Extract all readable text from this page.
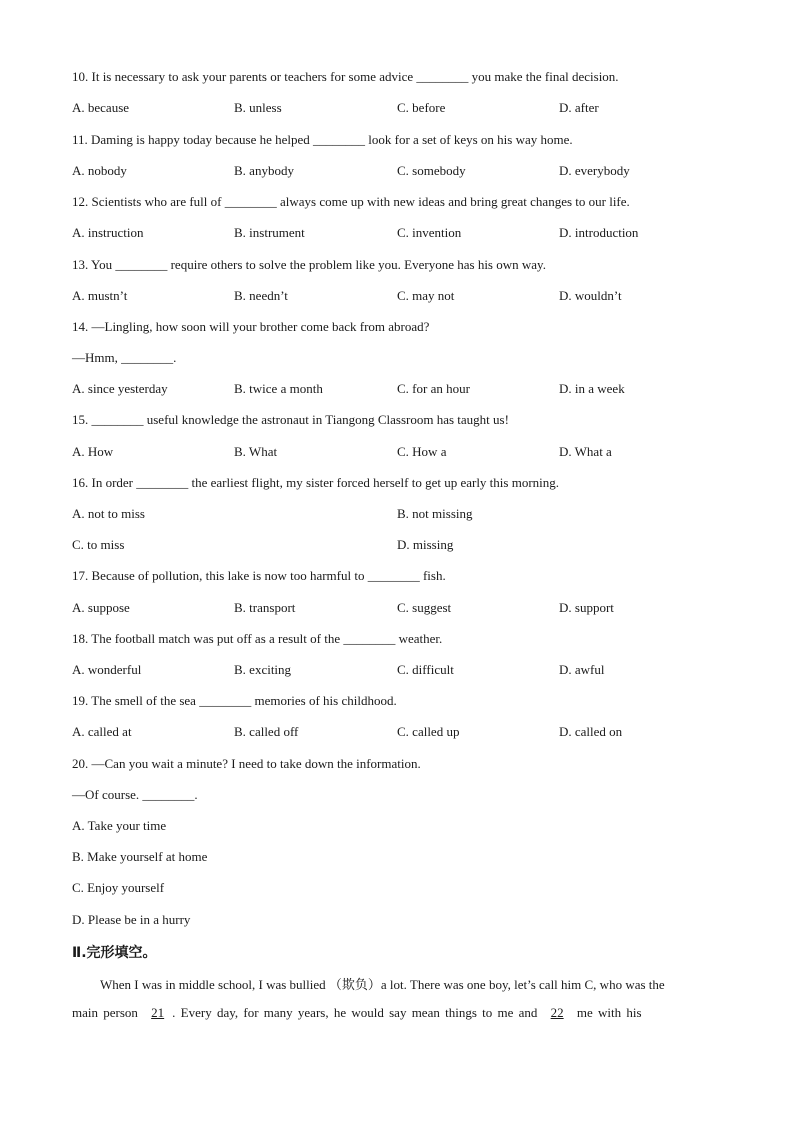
10. It is necessary to ask your parents or teachers for some advice ________ you make the final decision.
A. because	B. unless	C. before	D. after
11. Daming is happy today because he helped ________ look for a set of keys on his way home.
A. nobody	B. anybody	C. somebody	D. everybody
12. Scientists who are full of ________ always come up with new ideas and bring great changes to our life.
A. instruction	B. instrument	C. invention	D. introduction
13. You ________ require others to solve the problem like you. Everyone has his own way.
A. mustn’t	B. needn’t	C. may not	D. wouldn’t
14. —Lingling, how soon will your brother come back from abroad?
—Hmm, ________.
A. since yesterday	B. twice a month	C. for an hour	D. in a week
15. ________ useful knowledge the astronaut in Tiangong Classroom has taught us!
A. How	B. What	C. How a	D. What a
16. In order ________ the earliest flight, my sister forced herself to get up early this morning.
A. not to miss	B. not missing
C. to miss	D. missing
17. Because of pollution, this lake is now too harmful to ________ fish.
A. suppose	B. transport	C. suggest	D. support
18. The football match was put off as a result of the ________ weather.
A. wonderful	B. exciting	C. difficult	D. awful
19. The smell of the sea ________ memories of his childhood.
A. called at	B. called off	C. called up	D. called on
20. —Can you wait a minute? I need to take down the information.
—Of course. ________.
A. Take your time
B. Make yourself at home
C. Enjoy yourself
D. Please be in a hurry
Ⅱ.完形填空。
When I was in middle school, I was bullied （欺负）a lot. There was one boy, let’s call him C, who was the
main person 21 . Every day, for many years, he would say mean things to me and 22 me with his
